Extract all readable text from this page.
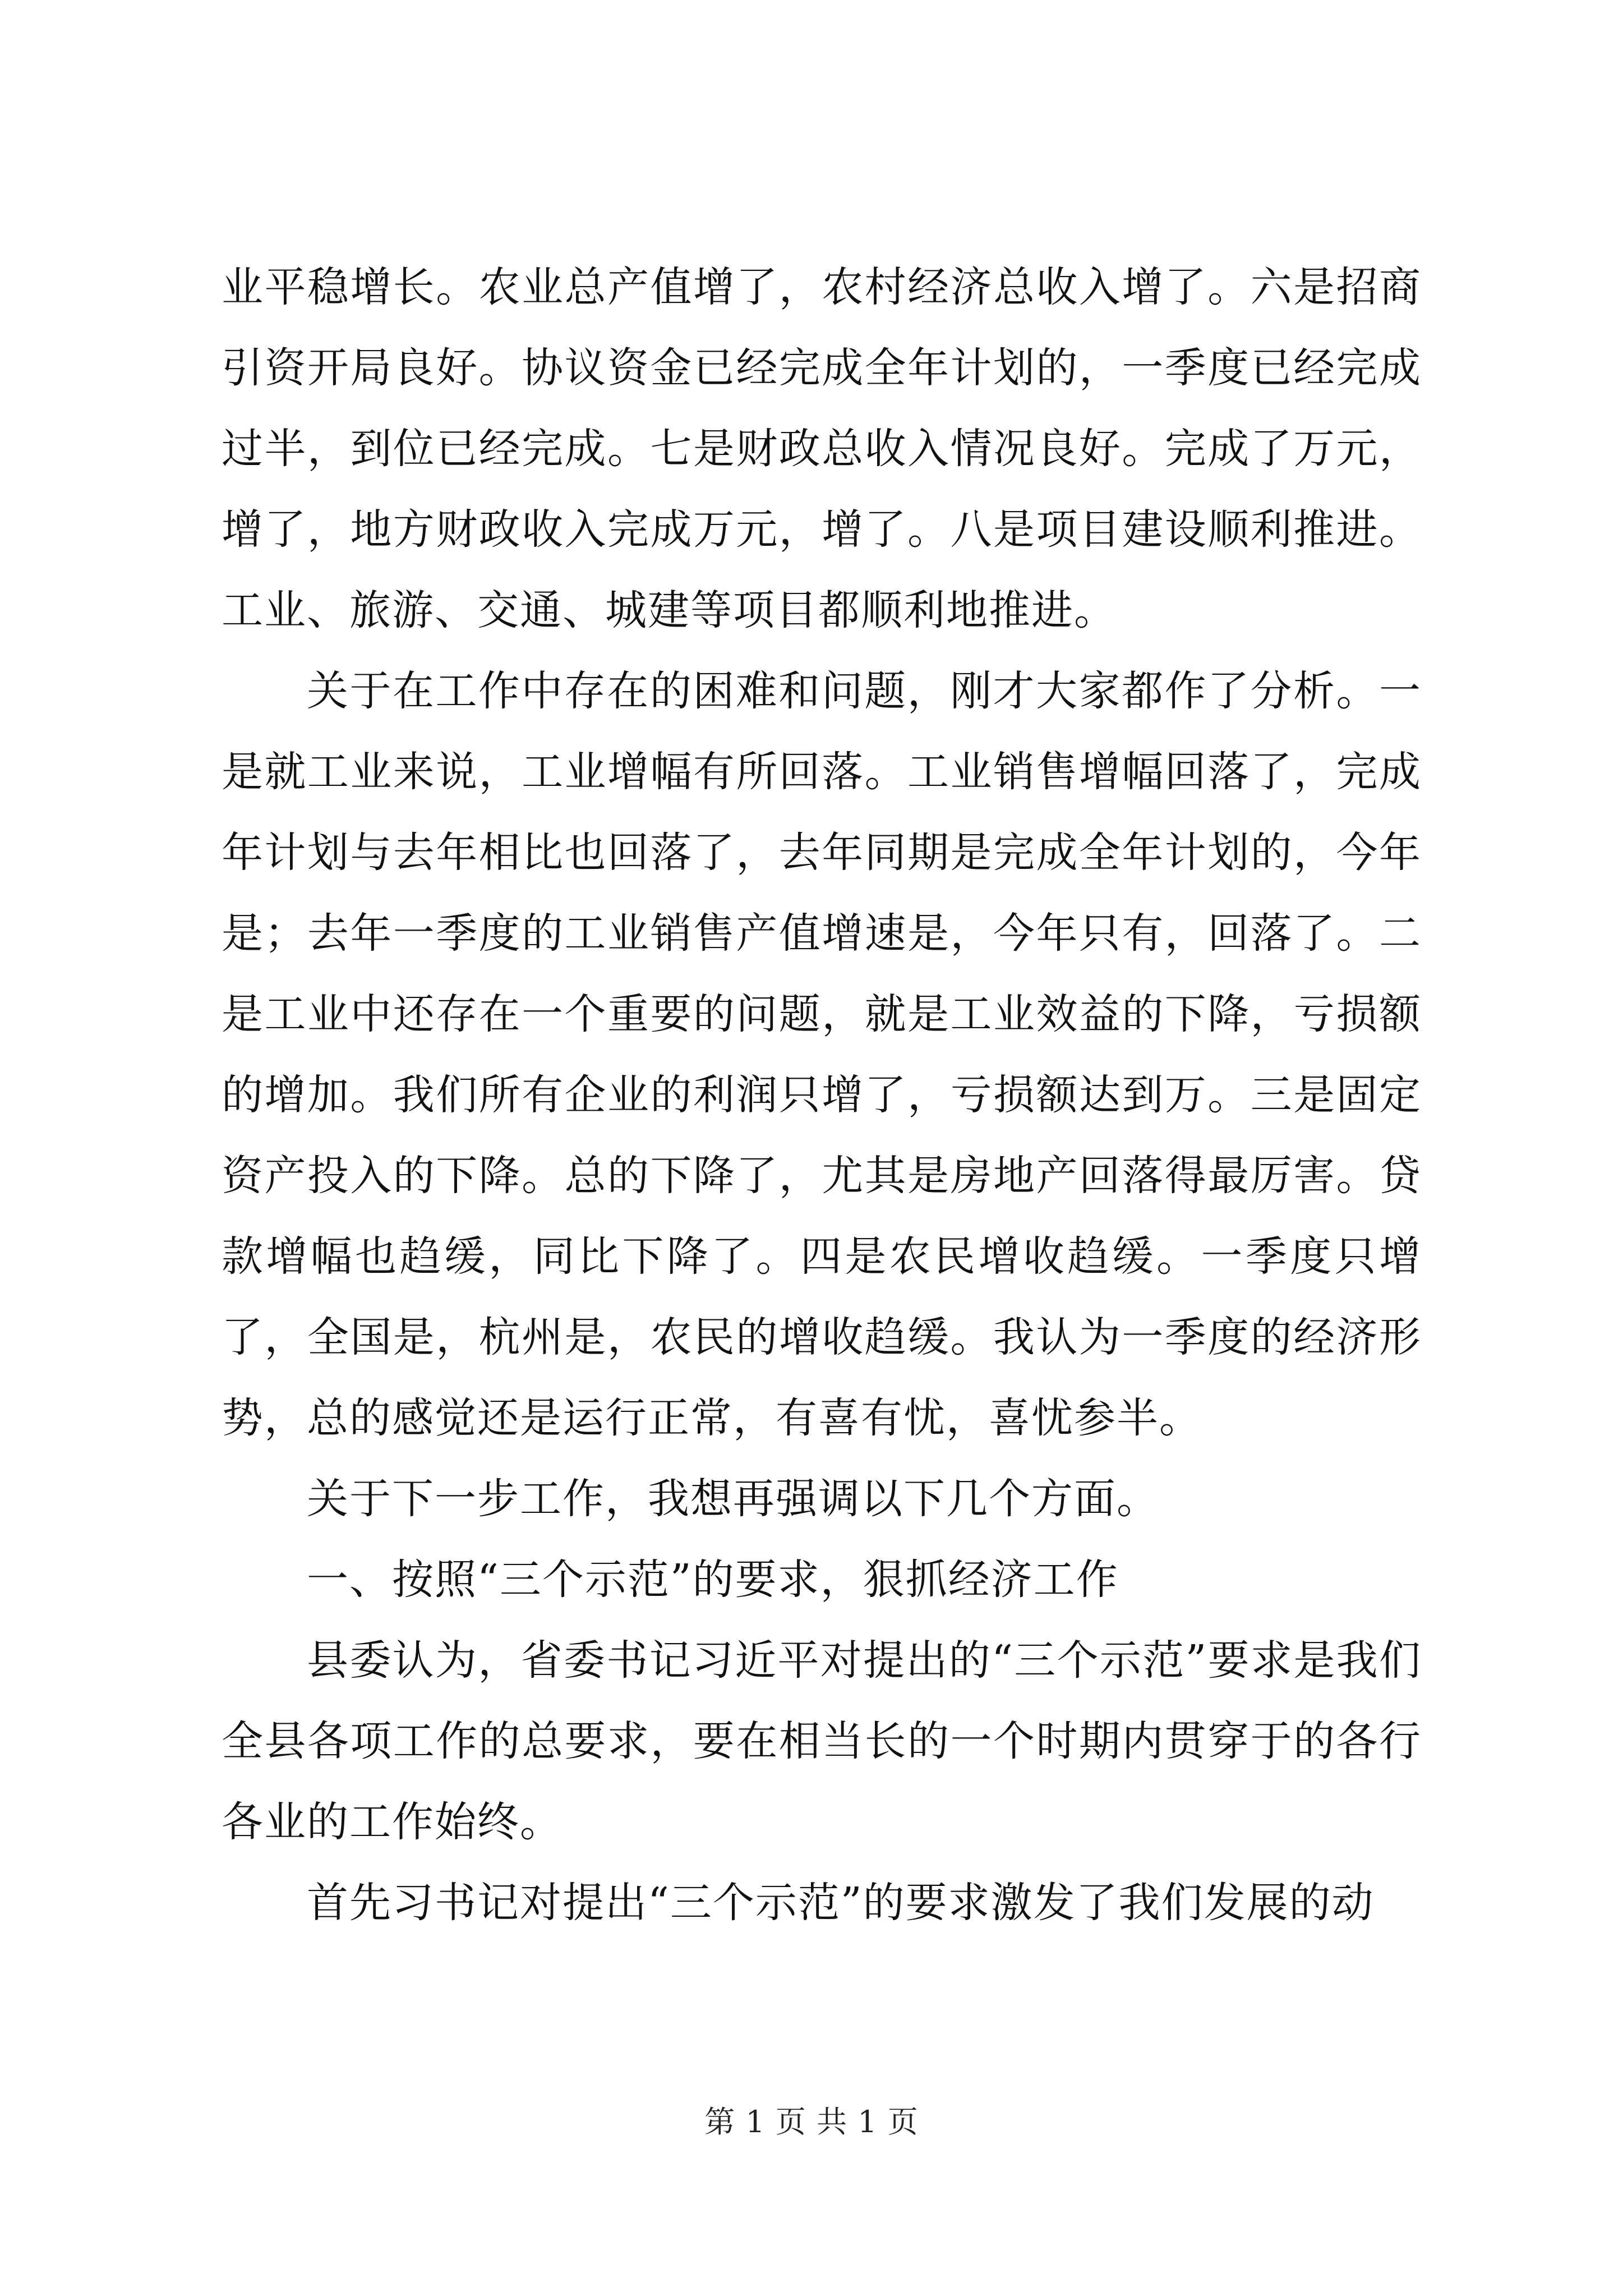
业平稳增长。农业总产值增了，农村经济总收入增了。六是招商引资开局良好。协议资金已经完成全年计划的，一季度已经完成过半，到位已经完成。七是财政总收入情况良好。完成了万元，增了，地方财政收入完成万元，增了。八是项目建设顺利推进。工业、旅游、交通、城建等项目都顺利地推进。

关于在工作中存在的困难和问题，刚才大家都作了分析。一是就工业来说，工业增幅有所回落。工业销售增幅回落了，完成年计划与去年相比也回落了，去年同期是完成全年计划的，今年是；去年一季度的工业销售产值增速是，今年只有，回落了。二是工业中还存在一个重要的问题，就是工业效益的下降，亏损额的增加。我们所有企业的利润只增了，亏损额达到万。三是固定资产投入的下降。总的下降了，尤其是房地产回落得最厉害。贷款增幅也趋缓，同比下降了。四是农民增收趋缓。一季度只增了，全国是，杭州是，农民的增收趋缓。我认为一季度的经济形势，总的感觉还是运行正常，有喜有忧，喜忧参半。

关于下一步工作，我想再强调以下几个方面。

一、按照“三个示范”的要求，狠抓经济工作

县委认为，省委书记习近平对提出的“三个示范”要求是我们全县各项工作的总要求，要在相当长的一个时期内贯穿于的各行各业的工作始终。

首先习书记对提出“三个示范”的要求激发了我们发展的动

第 1 页 共 1 页
